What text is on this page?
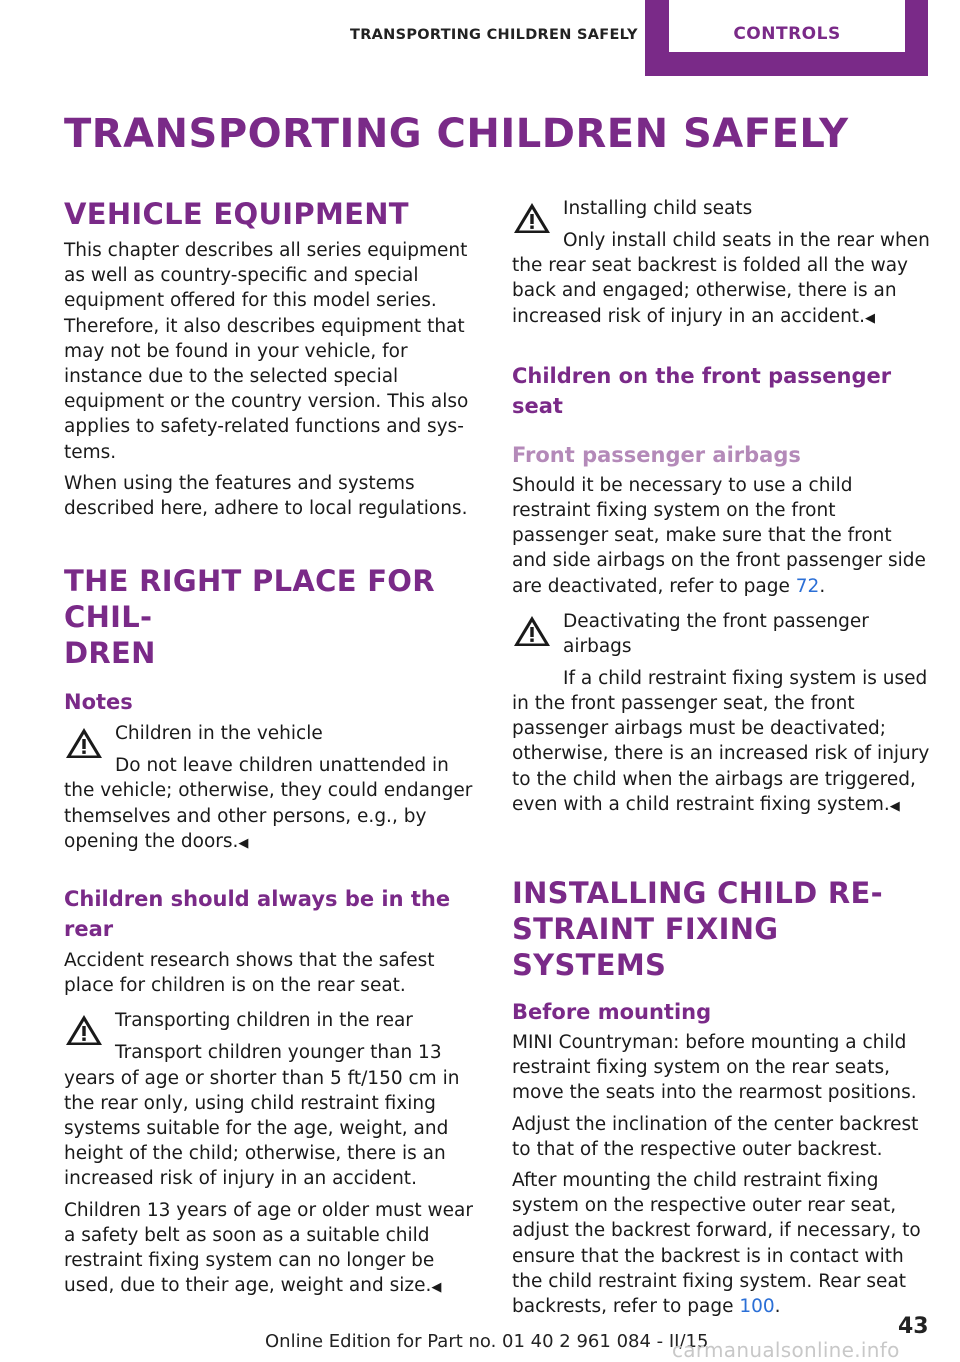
TRANSPORTING CHILDREN SAFELY	CONTROLS
TRANSPORTING CHILDREN SAFELY
VEHICLE EQUIPMENT

This chapter describes all series equipment as well as country-specific and special equipment offered for this model series. Therefore, it also describes equipment that may not be found in your vehicle, for instance due to the selected special equipment or the country version. This also applies to safety-related functions and systems.

When using the features and systems described here, adhere to local regulations.

THE RIGHT PLACE FOR CHIL-
DREN
Notes
Children in the vehicle
Do not leave children unattended in the vehicle; otherwise, they could endanger themselves and other persons, e.g., by opening the doors.◀
Children should always be in the rear

Accident research shows that the safest place for children is on the rear seat.

Transporting children in the rear
Transport children younger than 13 years of age or shorter than 5 ft/150 cm in the rear only, using child restraint fixing systems suitable for the age, weight, and height of the child; otherwise, there is an increased risk of injury in an accident.

Children 13 years of age or older must wear a safety belt as soon as a suitable child restraint fixing system can no longer be used, due to their age, weight and size.◀

Installing child seats
Only install child seats in the rear when the rear seat backrest is folded all the way back and engaged; otherwise, there is an increased risk of injury in an accident.◀
Children on the front passenger seat
Front passenger airbags

Should it be necessary to use a child restraint fixing system on the front passenger seat, make sure that the front and side airbags on the front passenger side are deactivated, refer to page 72.

Deactivating the front passenger airbags
If a child restraint fixing system is used in the front passenger seat, the front passenger airbags must be deactivated; otherwise, there is an increased risk of injury to the child when the airbags are triggered, even with a child restraint fixing system.◀
INSTALLING CHILD RE-
STRAINT FIXING SYSTEMS
Before mounting

MINI Countryman: before mounting a child restraint fixing system on the rear seats, move the seats into the rearmost positions.

Adjust the inclination of the center backrest to that of the respective outer backrest.

After mounting the child restraint fixing system on the respective outer rear seat, adjust the backrest forward, if necessary, to ensure that the backrest is in contact with the child restraint fixing system. Rear seat backrests, refer to page 100.

Online Edition for Part no. 01 40 2 961 084 - II/15
43
carmanualsonline.info
